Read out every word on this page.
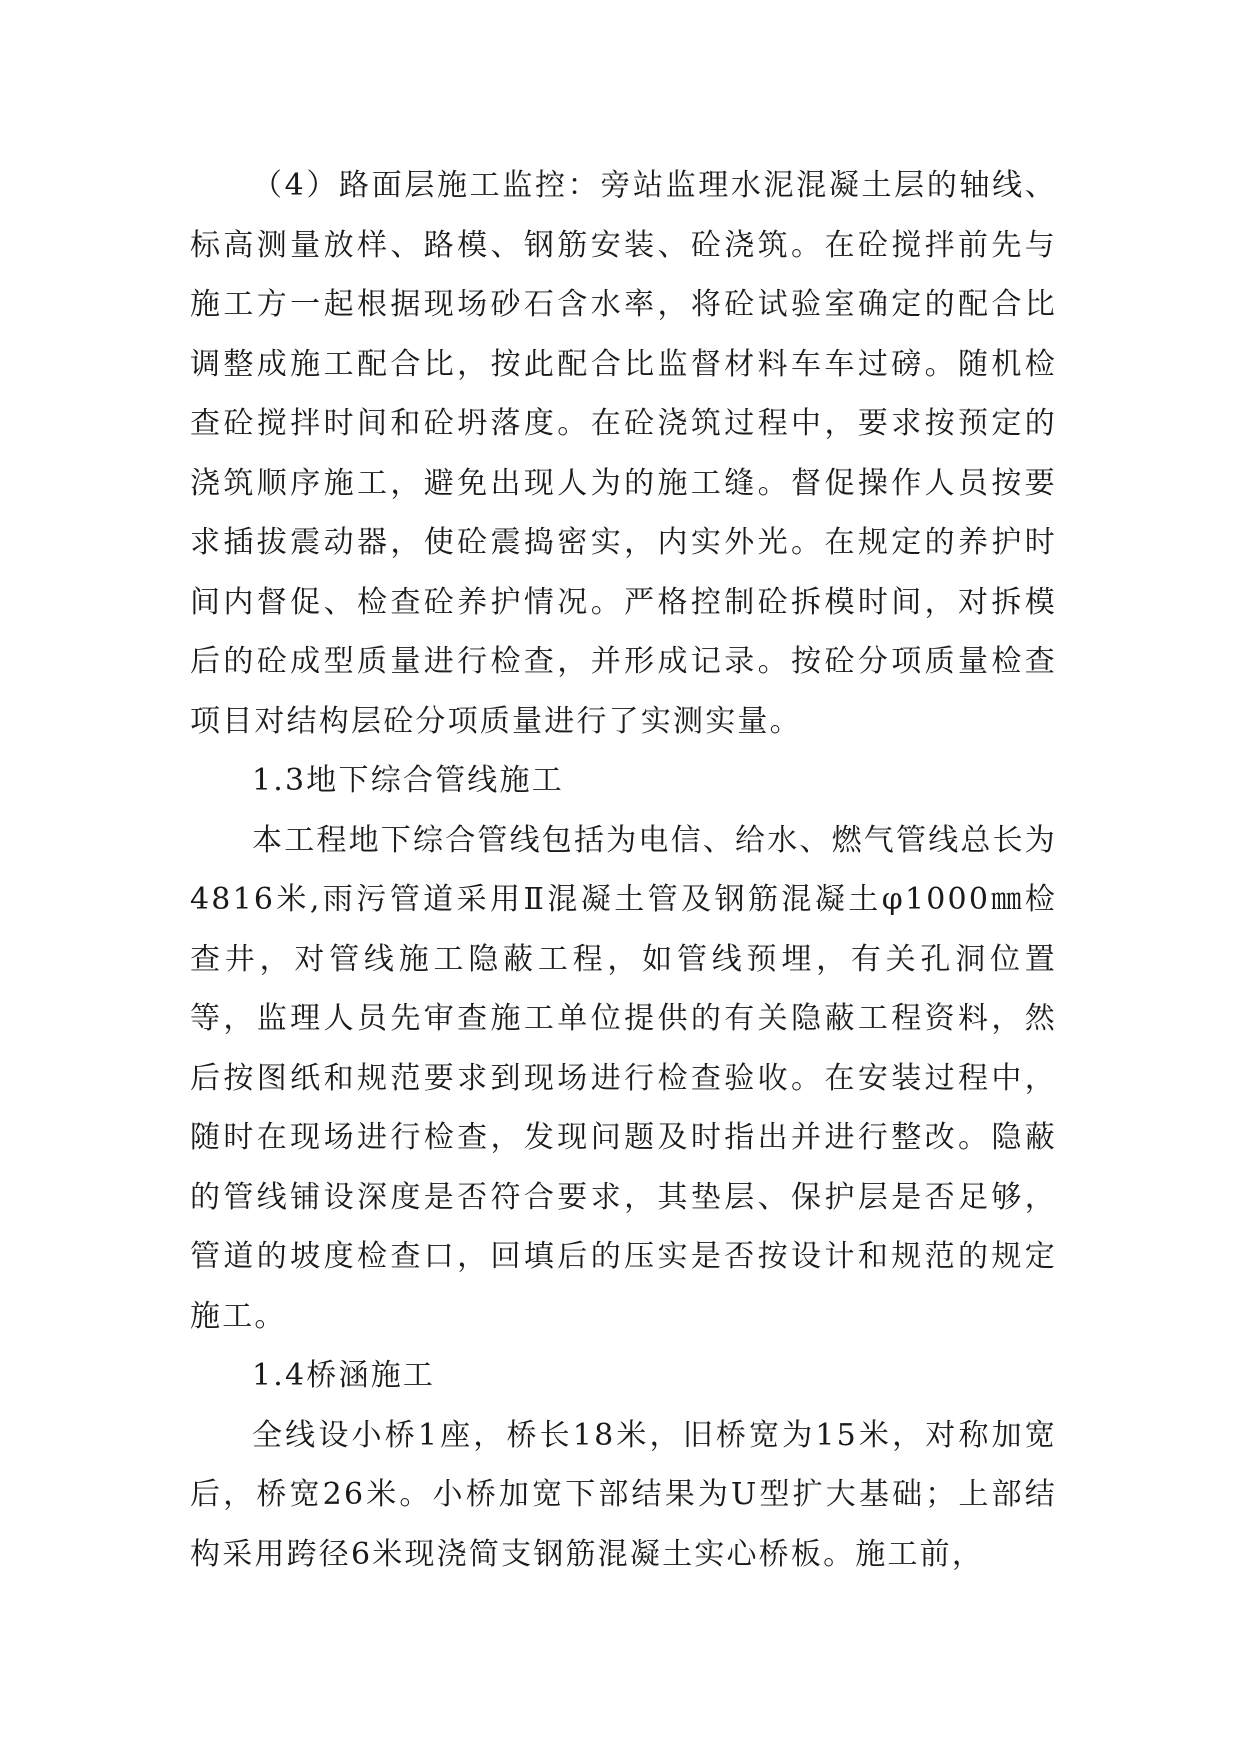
（4）路面层施工监控：旁站监理水泥混凝土层的轴线、标高测量放样、路模、钢筋安装、砼浇筑。在砼搅拌前先与施工方一起根据现场砂石含水率，将砼试验室确定的配合比调整成施工配合比，按此配合比监督材料车车过磅。随机检查砼搅拌时间和砼坍落度。在砼浇筑过程中，要求按预定的浇筑顺序施工，避免出现人为的施工缝。督促操作人员按要求插拔震动器，使砼震捣密实，内实外光。在规定的养护时间内督促、检查砼养护情况。严格控制砼拆模时间，对拆模后的砼成型质量进行检查，并形成记录。按砼分项质量检查项目对结构层砼分项质量进行了实测实量。

1.3地下综合管线施工

本工程地下综合管线包括为电信、给水、燃气管线总长为4816米,雨污管道采用Ⅱ混凝土管及钢筋混凝土φ1000㎜检查井，对管线施工隐蔽工程，如管线预埋，有关孔洞位置等，监理人员先审查施工单位提供的有关隐蔽工程资料，然后按图纸和规范要求到现场进行检查验收。在安装过程中，随时在现场进行检查，发现问题及时指出并进行整改。隐蔽的管线铺设深度是否符合要求，其垫层、保护层是否足够，管道的坡度检查口，回填后的压实是否按设计和规范的规定施工。

1.4桥涵施工

全线设小桥1座，桥长18米，旧桥宽为15米，对称加宽后，桥宽26米。小桥加宽下部结果为U型扩大基础；上部结构采用跨径6米现浇简支钢筋混凝土实心桥板。施工前，
